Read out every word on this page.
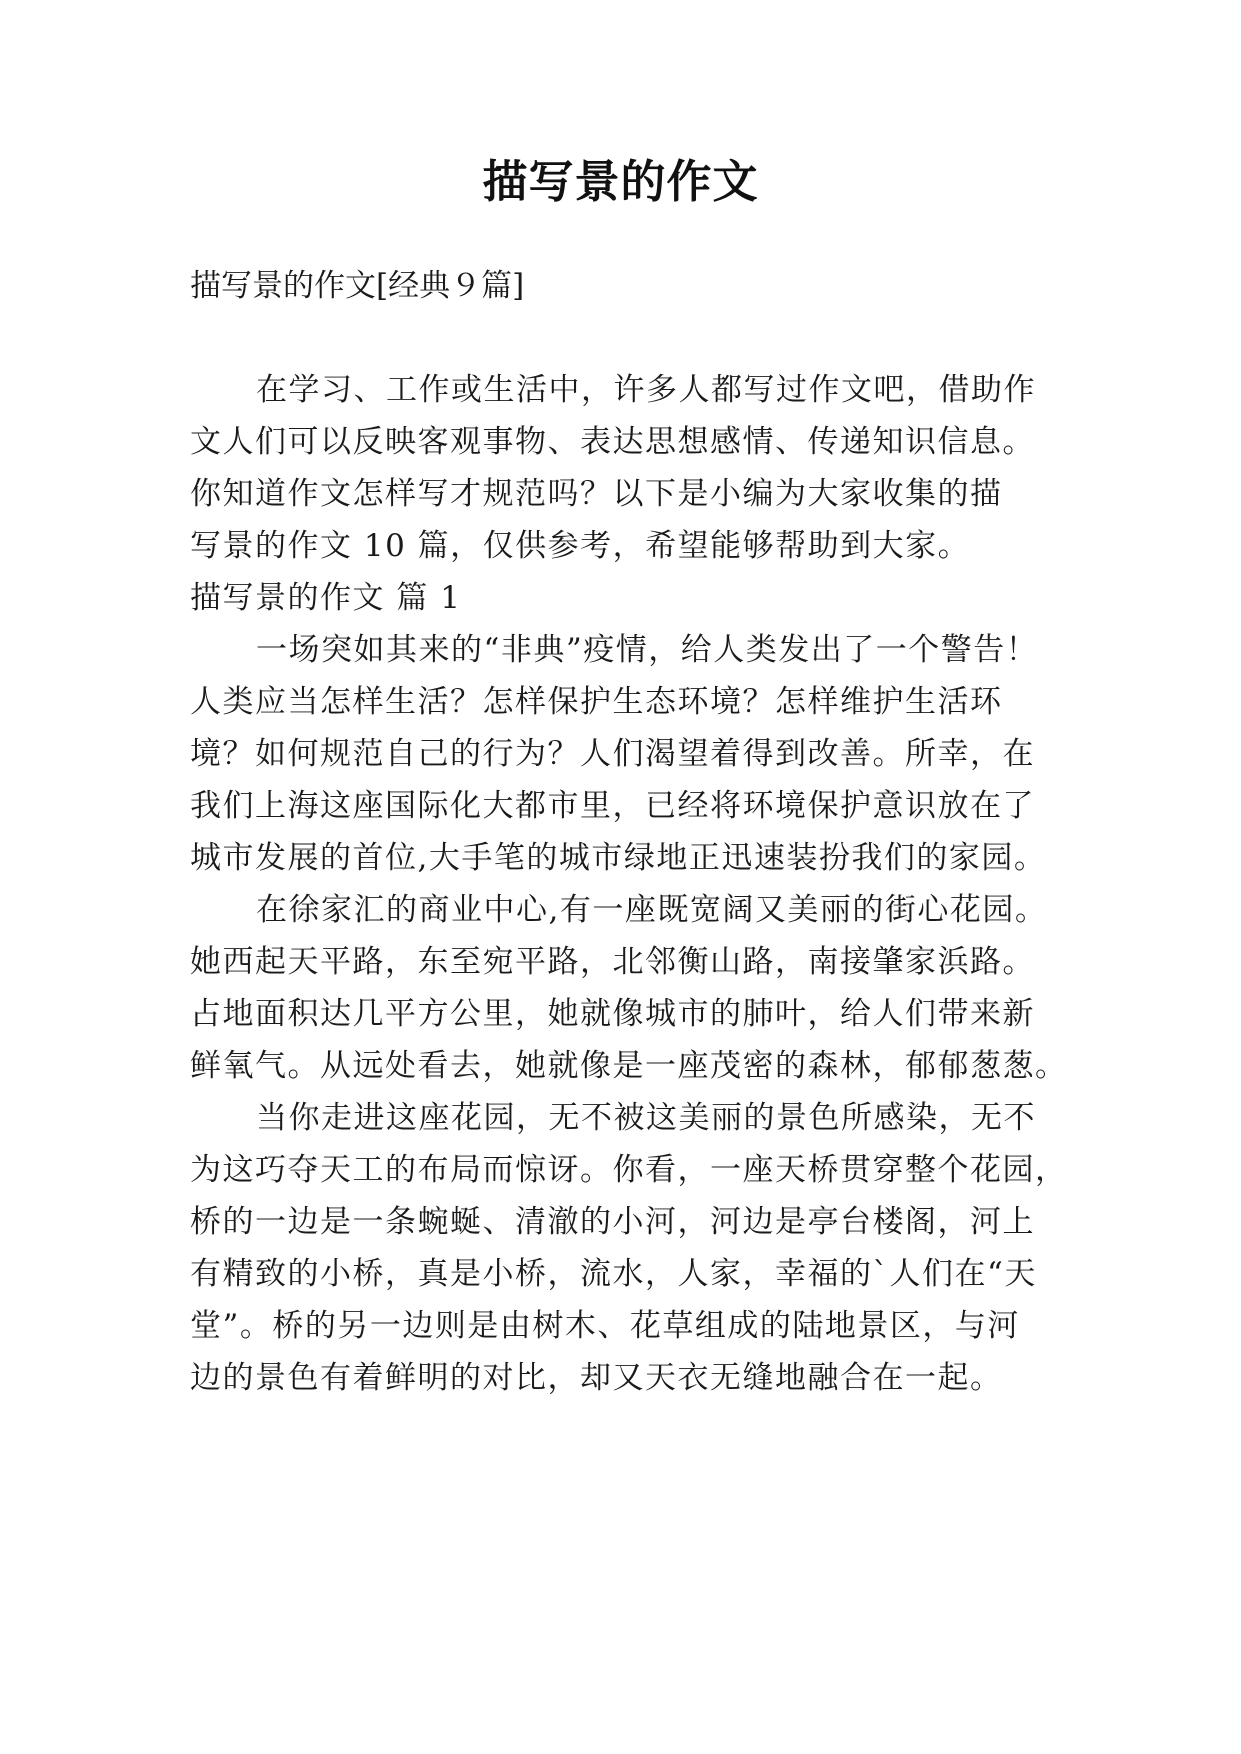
描写景的作文
描写景的作文[经典９篇]
在学习、工作或生活中，许多人都写过作文吧，借助作
文人们可以反映客观事物、表达思想感情、传递知识信息。
你知道作文怎样写才规范吗？以下是小编为大家收集的描
写景的作文 10 篇，仅供参考，希望能够帮助到大家。
描写景的作文 篇 1
一场突如其来的“非典”疫情，给人类发出了一个警告！
人类应当怎样生活？怎样保护生态环境？怎样维护生活环
境？如何规范自己的行为？人们渴望着得到改善。所幸，在
我们上海这座国际化大都市里，已经将环境保护意识放在了
城市发展的首位,大手笔的城市绿地正迅速装扮我们的家园。
在徐家汇的商业中心,有一座既宽阔又美丽的街心花园。
她西起天平路，东至宛平路，北邻衡山路，南接肇家浜路。
占地面积达几平方公里，她就像城市的肺叶，给人们带来新
鲜氧气。从远处看去，她就像是一座茂密的森林，郁郁葱葱。
当你走进这座花园，无不被这美丽的景色所感染，无不
为这巧夺天工的布局而惊讶。你看，一座天桥贯穿整个花园，
桥的一边是一条蜿蜒、清澈的小河，河边是亭台楼阁，河上
有精致的小桥，真是小桥，流水，人家，幸福的`人们在“天
堂”。桥的另一边则是由树木、花草组成的陆地景区，与河
边的景色有着鲜明的对比，却又天衣无缝地融合在一起。
